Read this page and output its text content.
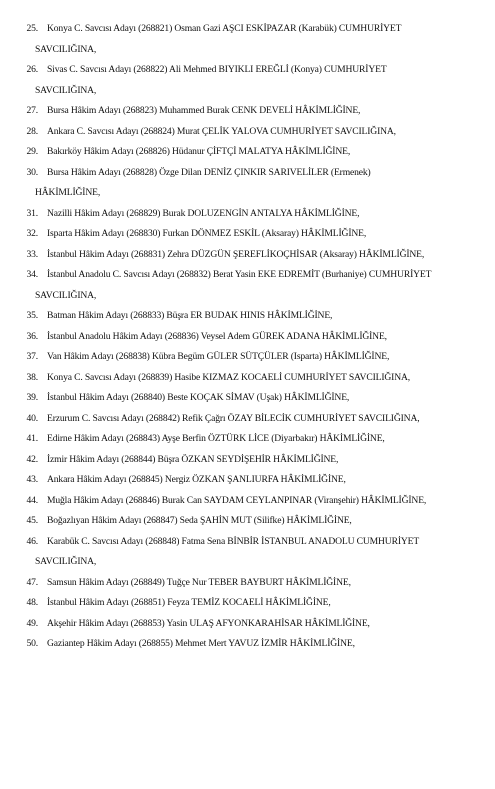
25. Konya C. Savcısı Adayı (268821) Osman Gazi AŞCI ESKİPAZAR (Karabük) CUMHURİYET
SAVCILIĞINA,
26. Sivas C. Savcısı Adayı (268822) Ali Mehmed BIYIKLI EREĞLİ (Konya) CUMHURİYET
SAVCILIĞINA,
27. Bursa Hâkim Adayı (268823) Muhammed Burak CENK DEVELİ HÂKİMLİĞİNE,
28. Ankara C. Savcısı Adayı (268824) Murat ÇELİK YALOVA CUMHURİYET SAVCILIĞINA,
29. Bakırköy Hâkim Adayı (268826) Hüdanur ÇİFTÇİ MALATYA HÂKİMLİĞİNE,
30. Bursa Hâkim Adayı (268828) Özge Dilan DENİZ ÇINKIR SARIVELİLER (Ermenek)
HÂKİMLİĞİNE,
31. Nazilli Hâkim Adayı (268829) Burak DOLUZENGİN ANTALYA HÂKİMLİĞİNE,
32. Isparta Hâkim Adayı (268830) Furkan DÖNMEZ ESKİL (Aksaray) HÂKİMLİĞİNE,
33. İstanbul Hâkim Adayı (268831) Zehra DÜZGÜN ŞEREFLİKOÇHİSAR (Aksaray) HÂKİMLİĞİNE,
34. İstanbul Anadolu C. Savcısı Adayı (268832) Berat Yasin EKE EDREMİT (Burhaniye) CUMHURİYET
SAVCILIĞINA,
35. Batman Hâkim Adayı (268833) Büşra ER BUDAK HINIS HÂKİMLİĞİNE,
36. İstanbul Anadolu Hâkim Adayı (268836) Veysel Adem GÜREK ADANA HÂKİMLİĞİNE,
37. Van Hâkim Adayı (268838) Kübra Begüm GÜLER SÜTÇÜLER (Isparta) HÂKİMLİĞİNE,
38. Konya C. Savcısı Adayı (268839) Hasibe KIZMAZ KOCAELİ CUMHURİYET SAVCILIĞINA,
39. İstanbul Hâkim Adayı (268840) Beste KOÇAK SİMAV (Uşak) HÂKİMLİĞİNE,
40. Erzurum C. Savcısı Adayı (268842) Refik Çağrı ÖZAY BİLECİK CUMHURİYET SAVCILIĞINA,
41. Edirne Hâkim Adayı (268843) Ayşe Berfin ÖZTÜRK LİCE (Diyarbakır) HÂKİMLİĞİNE,
42. İzmir Hâkim Adayı (268844) Büşra ÖZKAN SEYDİŞEHİR HÂKİMLİĞİNE,
43. Ankara Hâkim Adayı (268845) Nergiz ÖZKAN ŞANLIURFA HÂKİMLİĞİNE,
44. Muğla Hâkim Adayı (268846) Burak Can SAYDAM CEYLANPINAR (Viranşehir) HÂKİMLİĞİNE,
45. Boğazlıyan Hâkim Adayı (268847) Seda ŞAHİN MUT (Silifke) HÂKİMLİĞİNE,
46. Karabük C. Savcısı Adayı (268848) Fatma Sena BİNBİR İSTANBUL ANADOLU CUMHURİYET
SAVCILIĞINA,
47. Samsun Hâkim Adayı (268849) Tuğçe Nur TEBER BAYBURT HÂKİMLİĞİNE,
48. İstanbul Hâkim Adayı (268851) Feyza TEMİZ KOCAELİ HÂKİMLİĞİNE,
49. Akşehir Hâkim Adayı (268853) Yasin ULAŞ AFYONKARAHİSAR HÂKİMLİĞİNE,
50. Gaziantep Hâkim Adayı (268855) Mehmet Mert YAVUZ İZMİR HÂKİMLİĞİNE,
